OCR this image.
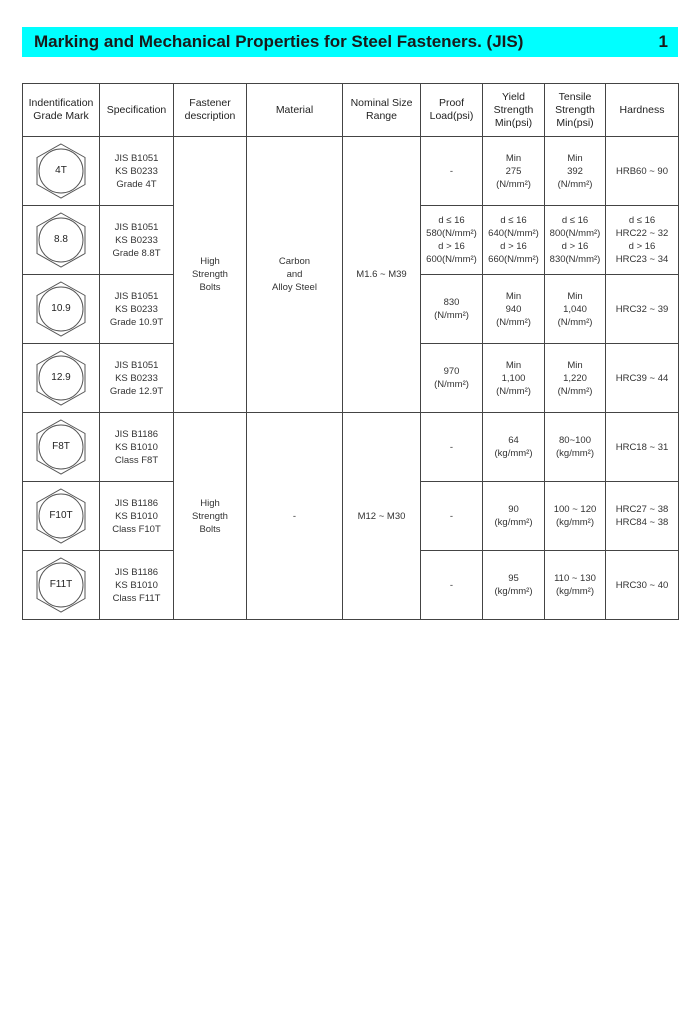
Marking and Mechanical Properties for Steel Fasteners. (JIS)	1
Indentification
Grade Mark	Specification	Fastener
description	Material	Nominal Size
Range	Proof
Load(psi)	Yield
Strength
Min(psi)	Tensile
Strength
Min(psi)	Hardness

4T	JIS B1051
KS B0233
Grade 4T	High
Strength
Bolts	Carbon
and
Alloy Steel	M1.6 ~ M39	-	Min
275
(N/mm²)	Min
392
(N/mm²)	HRB60 ~ 90

8.8	JIS B1051
KS B0233
Grade 8.8T				d ≤ 16
580(N/mm²)
d > 16
600(N/mm²)	d ≤ 16
640(N/mm²)
d > 16
660(N/mm²)	d ≤ 16
800(N/mm²)
d > 16
830(N/mm²)	d ≤ 16
HRC22 ~ 32
d > 16
HRC23 ~ 34

10.9	JIS B1051
KS B0233
Grade 10.9T				830
(N/mm²)	Min
940
(N/mm²)	Min
1,040
(N/mm²)	HRC32 ~ 39

12.9	JIS B1051
KS B0233
Grade 12.9T				970
(N/mm²)	Min
1,100
(N/mm²)	Min
1,220
(N/mm²)	HRC39 ~ 44

F8T	JIS B1186
KS B1010
Class F8T	High
Strength
Bolts	-	M12 ~ M30	-	64
(kg/mm²)	80~100
(kg/mm²)	HRC18 ~ 31

F10T	JIS B1186
KS B1010
Class F10T				-	90
(kg/mm²)	100 ~ 120
(kg/mm²)	HRC27 ~ 38
HRC84 ~ 38

F11T	JIS B1186
KS B1010
Class F11T				-	95
(kg/mm²)	110 ~ 130
(kg/mm²)	HRC30 ~ 40
